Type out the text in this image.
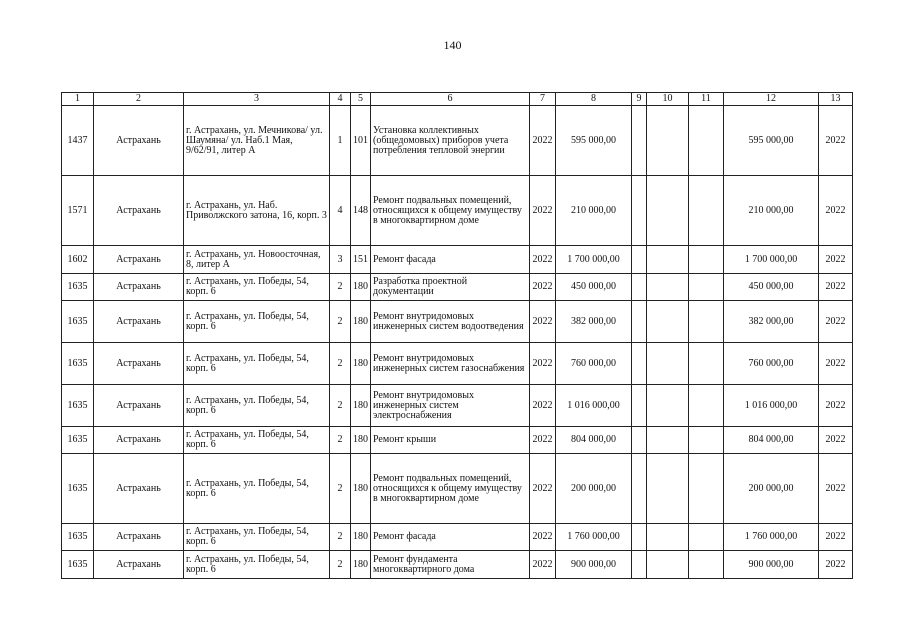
140
1	2	3	4	5	6	7	8	9	10	11	12	13
1437	Астрахань	г. Астрахань, ул. Мечникова/ ул. Шаумяна/ ул. Наб.1 Мая, 9/62/91, литер А	1	101	Установка коллективных (общедомовых) приборов учета потребления тепловой энергии	2022	595 000,00				595 000,00	2022
1571	Астрахань	г. Астрахань, ул. Наб. Приволжского затона, 16, корп. 3	4	148	Ремонт подвальных помещений, относящихся к общему имуществу в многоквартирном доме	2022	210 000,00				210 000,00	2022
1602	Астрахань	г. Астрахань, ул. Новоосточная, 8, литер А	3	151	Ремонт фасада	2022	1 700 000,00				1 700 000,00	2022
1635	Астрахань	г. Астрахань, ул. Победы, 54, корп. 6	2	180	Разработка проектной документации	2022	450 000,00				450 000,00	2022
1635	Астрахань	г. Астрахань, ул. Победы, 54, корп. 6	2	180	Ремонт внутридомовых инженерных систем водоотведения	2022	382 000,00				382 000,00	2022
1635	Астрахань	г. Астрахань, ул. Победы, 54, корп. 6	2	180	Ремонт внутридомовых инженерных систем газоснабжения	2022	760 000,00				760 000,00	2022
1635	Астрахань	г. Астрахань, ул. Победы, 54, корп. 6	2	180	Ремонт внутридомовых инженерных систем электроснабжения	2022	1 016 000,00				1 016 000,00	2022
1635	Астрахань	г. Астрахань, ул. Победы, 54, корп. 6	2	180	Ремонт крыши	2022	804 000,00				804 000,00	2022
1635	Астрахань	г. Астрахань, ул. Победы, 54, корп. 6	2	180	Ремонт подвальных помещений, относящихся к общему имуществу в многоквартирном доме	2022	200 000,00				200 000,00	2022
1635	Астрахань	г. Астрахань, ул. Победы, 54, корп. 6	2	180	Ремонт фасада	2022	1 760 000,00				1 760 000,00	2022
1635	Астрахань	г. Астрахань, ул. Победы, 54, корп. 6	2	180	Ремонт фундамента многоквартирного дома	2022	900 000,00				900 000,00	2022
